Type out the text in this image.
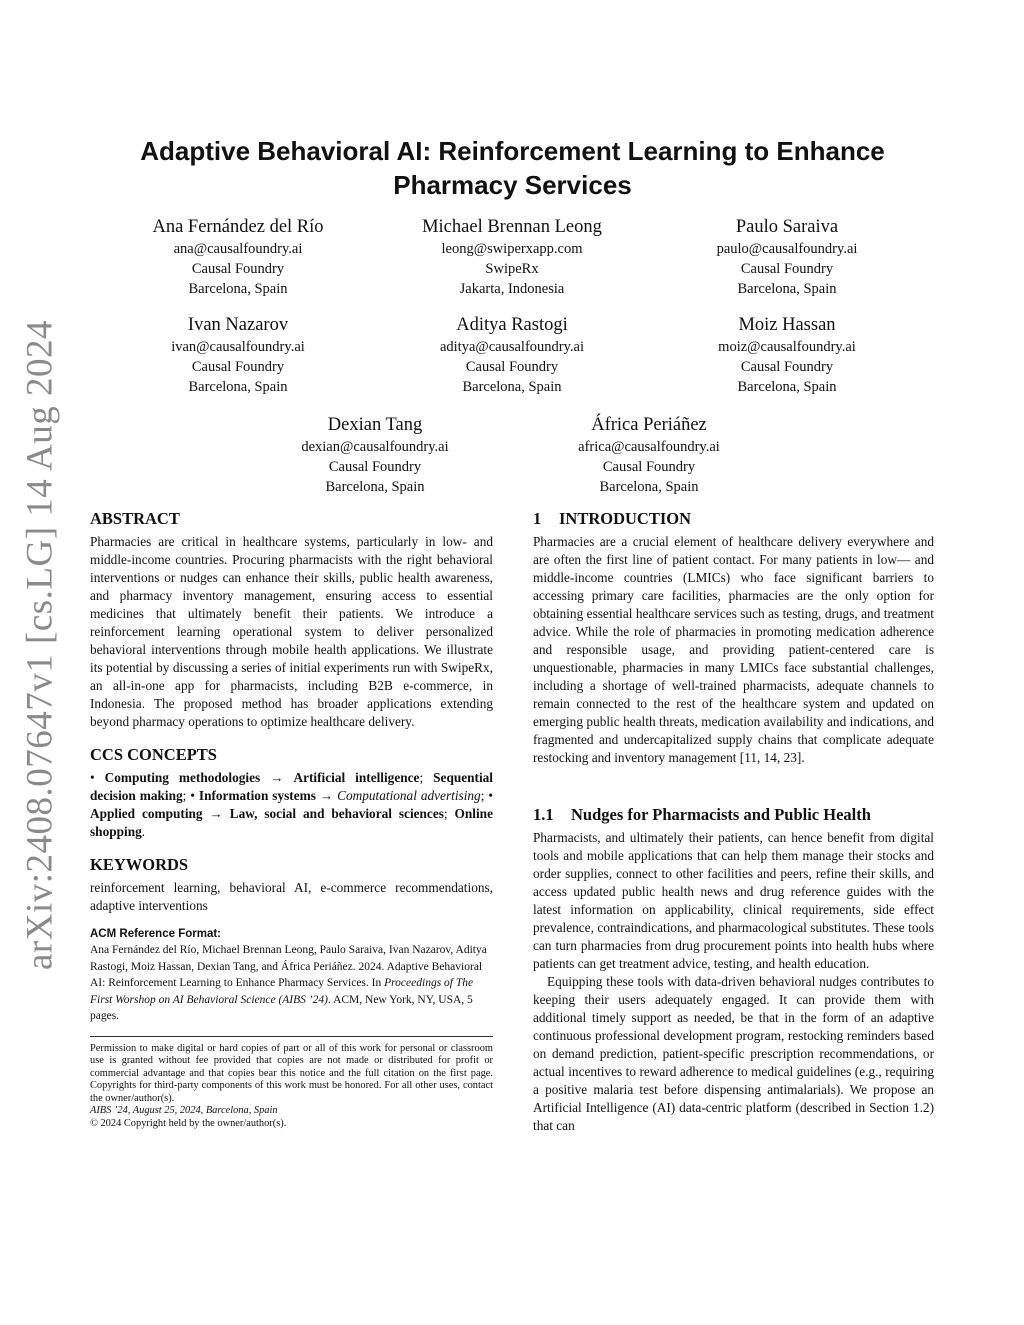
arXiv:2408.07647v1 [cs.LG] 14 Aug 2024
Adaptive Behavioral AI: Reinforcement Learning to Enhance Pharmacy Services
Ana Fernández del Río
ana@causalfoundry.ai
Causal Foundry
Barcelona, Spain
Michael Brennan Leong
leong@swiperxapp.com
SwipeRx
Jakarta, Indonesia
Paulo Saraiva
paulo@causalfoundry.ai
Causal Foundry
Barcelona, Spain
Ivan Nazarov
ivan@causalfoundry.ai
Causal Foundry
Barcelona, Spain
Aditya Rastogi
aditya@causalfoundry.ai
Causal Foundry
Barcelona, Spain
Moiz Hassan
moiz@causalfoundry.ai
Causal Foundry
Barcelona, Spain
Dexian Tang
dexian@causalfoundry.ai
Causal Foundry
Barcelona, Spain
África Periáñez
africa@causalfoundry.ai
Causal Foundry
Barcelona, Spain
ABSTRACT

Pharmacies are critical in healthcare systems, particularly in low- and middle-income countries. Procuring pharmacists with the right behavioral interventions or nudges can enhance their skills, public health awareness, and pharmacy inventory management, ensuring access to essential medicines that ultimately benefit their patients. We introduce a reinforcement learning operational system to deliver personalized behavioral interventions through mobile health applications. We illustrate its potential by discussing a series of initial experiments run with SwipeRx, an all-in-one app for pharmacists, including B2B e-commerce, in Indonesia. The proposed method has broader applications extending beyond pharmacy operations to optimize healthcare delivery.

CCS CONCEPTS

• Computing methodologies → Artificial intelligence; Sequential decision making; • Information systems → Computational advertising; • Applied computing → Law, social and behavioral sciences; Online shopping.

KEYWORDS

reinforcement learning, behavioral AI, e-commerce recommendations, adaptive interventions

ACM Reference Format:

Ana Fernández del Río, Michael Brennan Leong, Paulo Saraiva, Ivan Nazarov, Aditya Rastogi, Moiz Hassan, Dexian Tang, and África Periáñez. 2024. Adaptive Behavioral AI: Reinforcement Learning to Enhance Pharmacy Services. In Proceedings of The First Worshop on AI Behavioral Science (AIBS ’24). ACM, New York, NY, USA, 5 pages.

Permission to make digital or hard copies of part or all of this work for personal or classroom use is granted without fee provided that copies are not made or distributed for profit or commercial advantage and that copies bear this notice and the full citation on the first page. Copyrights for third-party components of this work must be honored. For all other uses, contact the owner/author(s).

AIBS ’24, August 25, 2024, Barcelona, Spain

© 2024 Copyright held by the owner/author(s).

1 INTRODUCTION

Pharmacies are a crucial element of healthcare delivery everywhere and are often the first line of patient contact. For many patients in low— and middle-income countries (LMICs) who face significant barriers to accessing primary care facilities, pharmacies are the only option for obtaining essential healthcare services such as testing, drugs, and treatment advice. While the role of pharmacies in promoting medication adherence and responsible usage, and providing patient-centered care is unquestionable, pharmacies in many LMICs face substantial challenges, including a shortage of well-trained pharmacists, adequate channels to remain connected to the rest of the healthcare system and updated on emerging public health threats, medication availability and indications, and fragmented and undercapitalized supply chains that complicate adequate restocking and inventory management [11, 14, 23].

1.1 Nudges for Pharmacists and Public Health

Pharmacists, and ultimately their patients, can hence benefit from digital tools and mobile applications that can help them manage their stocks and order supplies, connect to other facilities and peers, refine their skills, and access updated public health news and drug reference guides with the latest information on applicability, clinical requirements, side effect prevalence, contraindications, and pharmacological substitutes. These tools can turn pharmacies from drug procurement points into health hubs where patients can get treatment advice, testing, and health education.

Equipping these tools with data-driven behavioral nudges contributes to keeping their users adequately engaged. It can provide them with additional timely support as needed, be that in the form of an adaptive continuous professional development program, restocking reminders based on demand prediction, patient-specific prescription recommendations, or actual incentives to reward adherence to medical guidelines (e.g., requiring a positive malaria test before dispensing antimalarials). We propose an Artificial Intelligence (AI) data-centric platform (described in Section 1.2) that can
